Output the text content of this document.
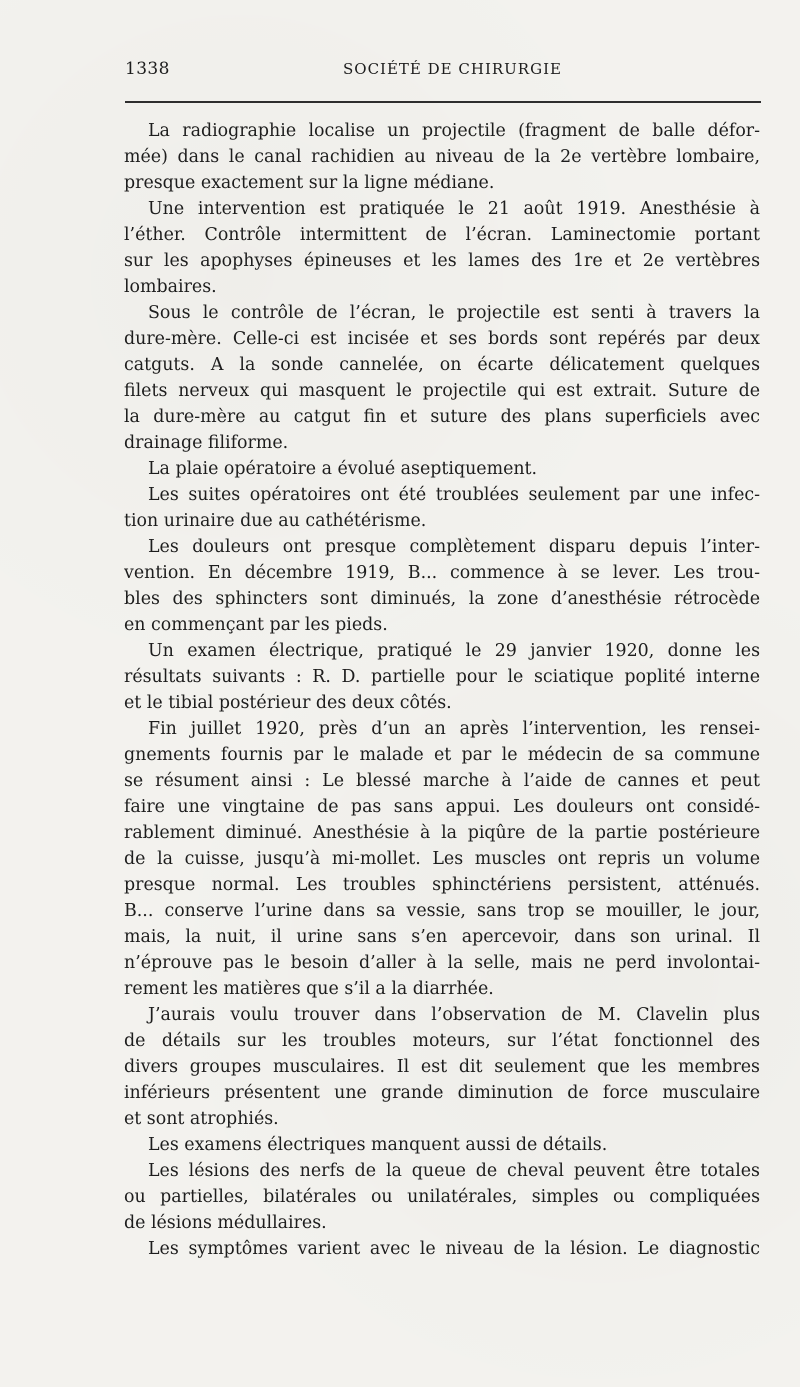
1338	SOCIÉTÉ DE CHIRURGIE
La radiographie localise un projectile (fragment de balle défor-
mée) dans le canal rachidien au niveau de la 2e vertèbre lombaire,
presque exactement sur la ligne médiane.
Une intervention est pratiquée le 21 août 1919. Anesthésie à
l’éther. Contrôle intermittent de l’écran. Laminectomie portant
sur les apophyses épineuses et les lames des 1re et 2e vertèbres
lombaires.
Sous le contrôle de l’écran, le projectile est senti à travers la
dure-mère. Celle-ci est incisée et ses bords sont repérés par deux
catguts. A la sonde cannelée, on écarte délicatement quelques
filets nerveux qui masquent le projectile qui est extrait. Suture de
la dure-mère au catgut fin et suture des plans superficiels avec
drainage filiforme.
La plaie opératoire a évolué aseptiquement.
Les suites opératoires ont été troublées seulement par une infec-
tion urinaire due au cathétérisme.
Les douleurs ont presque complètement disparu depuis l’inter-
vention. En décembre 1919, B... commence à se lever. Les trou-
bles des sphincters sont diminués, la zone d’anesthésie rétrocède
en commençant par les pieds.
Un examen électrique, pratiqué le 29 janvier 1920, donne les
résultats suivants : R. D. partielle pour le sciatique poplité interne
et le tibial postérieur des deux côtés.
Fin juillet 1920, près d’un an après l’intervention, les rensei-
gnements fournis par le malade et par le médecin de sa commune
se résument ainsi : Le blessé marche à l’aide de cannes et peut
faire une vingtaine de pas sans appui. Les douleurs ont considé-
rablement diminué. Anesthésie à la piqûre de la partie postérieure
de la cuisse, jusqu’à mi-mollet. Les muscles ont repris un volume
presque normal. Les troubles sphinctériens persistent, atténués.
B... conserve l’urine dans sa vessie, sans trop se mouiller, le jour,
mais, la nuit, il urine sans s’en apercevoir, dans son urinal. Il
n’éprouve pas le besoin d’aller à la selle, mais ne perd involontai-
rement les matières que s’il a la diarrhée.
J’aurais voulu trouver dans l’observation de M. Clavelin plus
de détails sur les troubles moteurs, sur l’état fonctionnel des
divers groupes musculaires. Il est dit seulement que les membres
inférieurs présentent une grande diminution de force musculaire
et sont atrophiés.
Les examens électriques manquent aussi de détails.
Les lésions des nerfs de la queue de cheval peuvent être totales
ou partielles, bilatérales ou unilatérales, simples ou compliquées
de lésions médullaires.
Les symptômes varient avec le niveau de la lésion. Le diagnostic
